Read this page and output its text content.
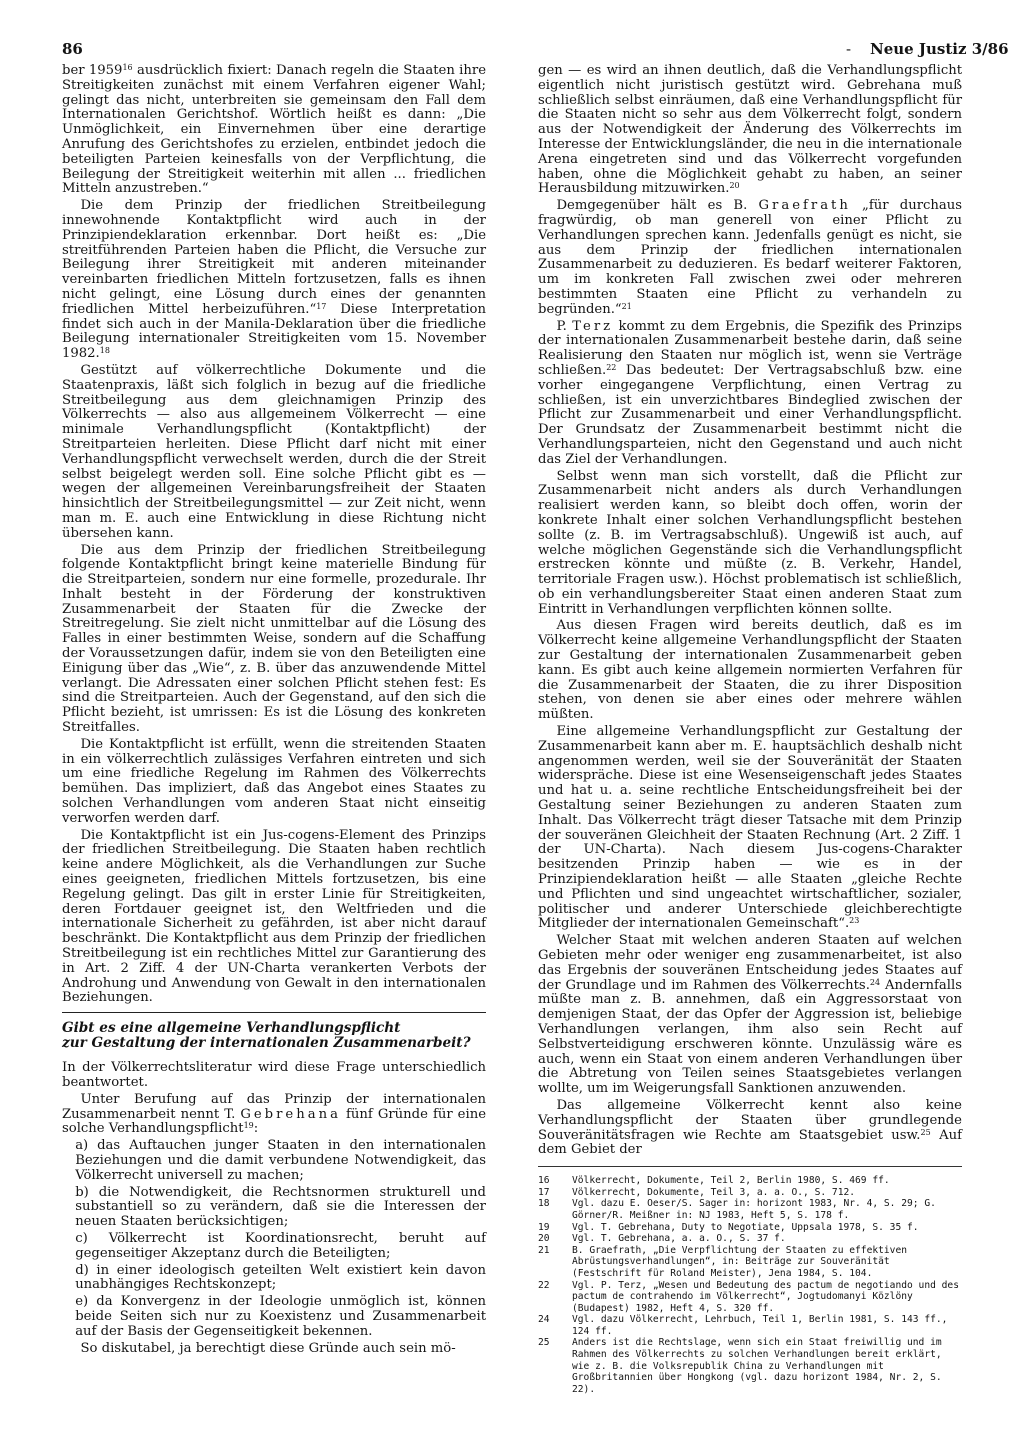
86	- Neue Justiz 3/86

ber 1959$^{16}$ ausdrücklich fixiert: Danach regeln die Staaten ihre Streitigkeiten zunächst mit einem Verfahren eigener Wahl; gelingt das nicht, unterbreiten sie gemeinsam den Fall dem Internationalen Gerichtshof. Wörtlich heißt es dann: „Die Unmöglichkeit, ein Einvernehmen über eine derartige Anrufung des Gerichtshofes zu erzielen, entbindet jedoch die beteiligten Parteien keinesfalls von der Verpflichtung, die Beilegung der Streitigkeit weiterhin mit allen ... friedlichen Mitteln anzustreben.“

Die dem Prinzip der friedlichen Streitbeilegung innewohnende Kontaktpflicht wird auch in der Prinzipiendeklaration erkennbar. Dort heißt es: „Die streitführenden Parteien haben die Pflicht, die Versuche zur Beilegung ihrer Streitigkeit mit anderen miteinander vereinbarten friedlichen Mitteln fortzusetzen, falls es ihnen nicht gelingt, eine Lösung durch eines der genannten friedlichen Mittel herbeizuführen.“$^{17}$ Diese Interpretation findet sich auch in der Manila-Deklaration über die friedliche Beilegung internationaler Streitigkeiten vom 15. November 1982.18

Gestützt auf völkerrechtliche Dokumente und die Staatenpraxis, läßt sich folglich in bezug auf die friedliche Streitbeilegung aus dem gleichnamigen Prinzip des Völkerrechts — also aus allgemeinem Völkerrecht — eine minimale Verhandlungspflicht (Kontaktpflicht) der Streitparteien herleiten. Diese Pflicht darf nicht mit einer Verhandlungspflicht verwechselt werden, durch die der Streit selbst beigelegt werden soll. Eine solche Pflicht gibt es — wegen der allgemeinen Vereinbarungsfreiheit der Staaten hinsichtlich der Streitbeilegungsmittel — zur Zeit nicht, wenn man m. E. auch eine Entwicklung in diese Richtung nicht übersehen kann.

Die aus dem Prinzip der friedlichen Streitbeilegung folgende Kontaktpflicht bringt keine materielle Bindung für die Streitparteien, sondern nur eine formelle, prozedurale. Ihr Inhalt besteht in der Förderung der konstruktiven Zusammenarbeit der Staaten für die Zwecke der Streitregelung. Sie zielt nicht unmittelbar auf die Lösung des Falles in einer bestimmten Weise, sondern auf die Schaffung der Voraussetzungen dafür, indem sie von den Beteiligten eine Einigung über das „Wie“, z. B. über das anzuwendende Mittel verlangt. Die Adressaten einer solchen Pflicht stehen fest: Es sind die Streitparteien. Auch der Gegenstand, auf den sich die Pflicht bezieht, ist umrissen: Es ist die Lösung des konkreten Streitfalles.

Die Kontaktpflicht ist erfüllt, wenn die streitenden Staaten in ein völkerrechtlich zulässiges Verfahren eintreten und sich um eine friedliche Regelung im Rahmen des Völkerrechts bemühen. Das impliziert, daß das Angebot eines Staates zu solchen Verhandlungen vom anderen Staat nicht einseitig verworfen werden darf.

Die Kontaktpflicht ist ein Jus-cogens-Element des Prinzips der friedlichen Streitbeilegung. Die Staaten haben rechtlich keine andere Möglichkeit, als die Verhandlungen zur Suche eines geeigneten, friedlichen Mittels fortzusetzen, bis eine Regelung gelingt. Das gilt in erster Linie für Streitigkeiten, deren Fortdauer geeignet ist, den Weltfrieden und die internationale Sicherheit zu gefährden, ist aber nicht darauf beschränkt. Die Kontaktpflicht aus dem Prinzip der friedlichen Streitbeilegung ist ein rechtliches Mittel zur Garantierung des in Art. 2 Ziff. 4 der UN-Charta verankerten Verbots der Androhung und Anwendung von Gewalt in den internationalen Beziehungen.

Gibt es eine allgemeine Verhandlungspflicht
zur Gestaltung der internationalen Zusammenarbeit?

In der Völkerrechtsliteratur wird diese Frage unterschiedlich beantwortet.

Unter Berufung auf das Prinzip der internationalen Zusammenarbeit nennt T. Gebrehana fünf Gründe für eine solche Verhandlungspflicht$^{19}$:

a) das Auftauchen junger Staaten in den internationalen Beziehungen und die damit verbundene Notwendigkeit, das Völkerrecht universell zu machen;

b) die Notwendigkeit, die Rechtsnormen strukturell und substantiell so zu verändern, daß sie die Interessen der neuen Staaten berücksichtigen;

c) Völkerrecht ist Koordinationsrecht, beruht auf gegenseitiger Akzeptanz durch die Beteiligten;

d) in einer ideologisch geteilten Welt existiert kein davon unabhängiges Rechtskonzept;

e) da Konvergenz in der Ideologie unmöglich ist, können beide Seiten sich nur zu Koexistenz und Zusammenarbeit auf der Basis der Gegenseitigkeit bekennen.

So diskutabel, ja berechtigt diese Gründe auch sein mö-

gen — es wird an ihnen deutlich, daß die Verhandlungspflicht eigentlich nicht juristisch gestützt wird. Gebrehana muß schließlich selbst einräumen, daß eine Verhandlungspflicht für die Staaten nicht so sehr aus dem Völkerrecht folgt, sondern aus der Notwendigkeit der Änderung des Völkerrechts im Interesse der Entwicklungsländer, die neu in die internationale Arena eingetreten sind und das Völkerrecht vorgefunden haben, ohne die Möglichkeit gehabt zu haben, an seiner Herausbildung mitzuwirken.$^{20}$

Demgegenüber hält es B. Graefrath „für durchaus fragwürdig, ob man generell von einer Pflicht zu Verhandlungen sprechen kann. Jedenfalls genügt es nicht, sie aus dem Prinzip der friedlichen internationalen Zusammenarbeit zu deduzieren. Es bedarf weiterer Faktoren, um im konkreten Fall zwischen zwei oder mehreren bestimmten Staaten eine Pflicht zu verhandeln zu begründen.“$^{21}$

P. Terz kommt zu dem Ergebnis, die Spezifik des Prinzips der internationalen Zusammenarbeit bestehe darin, daß seine Realisierung den Staaten nur möglich ist, wenn sie Verträge schließen.$^{22}$ Das bedeutet: Der Vertragsabschluß bzw. eine vorher eingegangene Verpflichtung, einen Vertrag zu schließen, ist ein unverzichtbares Bindeglied zwischen der Pflicht zur Zusammenarbeit und einer Verhandlungspflicht. Der Grundsatz der Zusammenarbeit bestimmt nicht die Verhandlungsparteien, nicht den Gegenstand und auch nicht das Ziel der Verhandlungen.

Selbst wenn man sich vorstellt, daß die Pflicht zur Zusammenarbeit nicht anders als durch Verhandlungen realisiert werden kann, so bleibt doch offen, worin der konkrete Inhalt einer solchen Verhandlungspflicht bestehen sollte (z. B. im Vertragsabschluß). Ungewiß ist auch, auf welche möglichen Gegenstände sich die Verhandlungspflicht erstrecken könnte und müßte (z. B. Verkehr, Handel, territoriale Fragen usw.). Höchst problematisch ist schließlich, ob ein verhandlungsbereiter Staat einen anderen Staat zum Eintritt in Verhandlungen verpflichten können sollte.

Aus diesen Fragen wird bereits deutlich, daß es im Völkerrecht keine allgemeine Verhandlungspflicht der Staaten zur Gestaltung der internationalen Zusammenarbeit geben kann. Es gibt auch keine allgemein normierten Verfahren für die Zusammenarbeit der Staaten, die zu ihrer Disposition stehen, von denen sie aber eines oder mehrere wählen müßten.

Eine allgemeine Verhandlungspflicht zur Gestaltung der Zusammenarbeit kann aber m. E. hauptsächlich deshalb nicht angenommen werden, weil sie der Souveränität der Staaten widerspräche. Diese ist eine Wesenseigenschaft jedes Staates und hat u. a. seine rechtliche Entscheidungsfreiheit bei der Gestaltung seiner Beziehungen zu anderen Staaten zum Inhalt. Das Völkerrecht trägt dieser Tatsache mit dem Prinzip der souveränen Gleichheit der Staaten Rechnung (Art. 2 Ziff. 1 der UN-Charta). Nach diesem Jus-cogens-Charakter besitzenden Prinzip haben — wie es in der Prinzipiendeklaration heißt — alle Staaten „gleiche Rechte und Pflichten und sind ungeachtet wirtschaftlicher, sozialer, politischer und anderer Unterschiede gleichberechtigte Mitglieder der internationalen Gemeinschaft“.$^{23}$

Welcher Staat mit welchen anderen Staaten auf welchen Gebieten mehr oder weniger eng zusammenarbeitet, ist also das Ergebnis der souveränen Entscheidung jedes Staates auf der Grundlage und im Rahmen des Völkerrechts.$^{24}$ Andernfalls müßte man z. B. annehmen, daß ein Aggressorstaat von demjenigen Staat, der das Opfer der Aggression ist, beliebige Verhandlungen verlangen, ihm also sein Recht auf Selbstverteidigung erschweren könnte. Unzulässig wäre es auch, wenn ein Staat von einem anderen Verhandlungen über die Abtretung von Teilen seines Staatsgebietes verlangen wollte, um im Weigerungsfall Sanktionen anzuwenden.

Das allgemeine Völkerrecht kennt also keine Verhandlungspflicht der Staaten über grundlegende Souveränitätsfragen wie Rechte am Staatsgebiet usw.$^{25}$ Auf dem Gebiet der

16 Völkerrecht, Dokumente, Teil 2, Berlin 1980, S. 469 ff.
17 Völkerrecht, Dokumente, Teil 3, a. a. O., S. 712.
18 Vgl. dazu E. Oeser/S. Sager in: horizont 1983, Nr. 4, S. 29; G. Görner/R. Meißner in: NJ 1983, Heft 5, S. 178 f.
19 Vgl. T. Gebrehana, Duty to Negotiate, Uppsala 1978, S. 35 f.
20 Vgl. T. Gebrehana, a. a. O., S. 37 f.
21 B. Graefrath, „Die Verpflichtung der Staaten zu effektiven Abrüstungsverhandlungen“, in: Beiträge zur Souveränität (Festschrift für Roland Meister), Jena 1984, S. 104.
22 Vgl. P. Terz, „Wesen und Bedeutung des pactum de negotiando und des pactum de contrahendo im Völkerrecht“, Jogtudomanyi Közlöny (Budapest) 1982, Heft 4, S. 320 ff.
24 Vgl. dazu Völkerrecht, Lehrbuch, Teil 1, Berlin 1981, S. 143 ff., 124 ff.
25 Anders ist die Rechtslage, wenn sich ein Staat freiwillig und im Rahmen des Völkerrechts zu solchen Verhandlungen bereit erklärt, wie z. B. die Volksrepublik China zu Verhandlungen mit Großbritannien über Hongkong (vgl. dazu horizont 1984, Nr. 2, S. 22).
